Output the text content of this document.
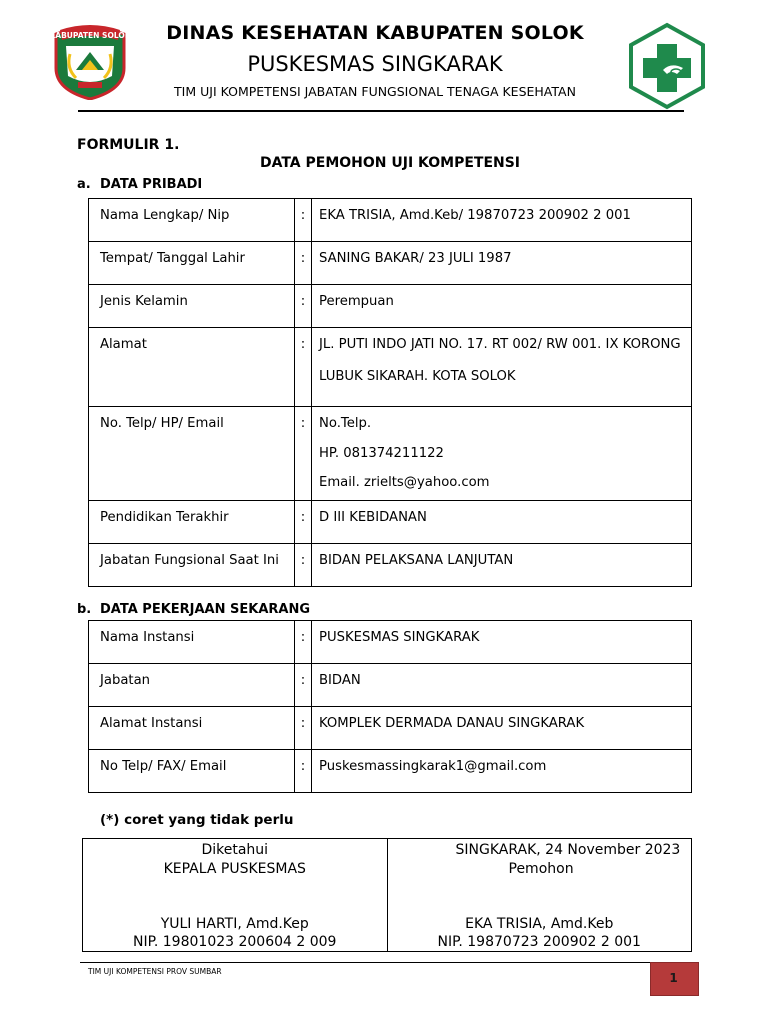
KABUPATEN SOLOK	DINAS KESEHATAN KABUPATEN SOLOK
PUSKESMAS SINGKARAK
TIM UJI KOMPETENSI JABATAN FUNGSIONAL TENAGA KESEHATAN
FORMULIR 1.
DATA PEMOHON UJI KOMPETENSI
a. DATA PRIBADI
Nama Lengkap/ Nip	:	EKA TRISIA, Amd.Keb/ 19870723 200902 2 001

Tempat/ Tanggal Lahir	:	SANING BAKAR/ 23 JULI 1987

Jenis Kelamin	:	Perempuan

Alamat	:	JL. PUTI INDO JATI NO. 17. RT 002/ RW 001. IX KORONG
LUBUK SIKARAH. KOTA SOLOK

No. Telp/ HP/ Email	:	No.Telp.
HP. 081374211122
Email. zrielts@yahoo.com

Pendidikan Terakhir	:	D III KEBIDANAN

Jabatan Fungsional Saat Ini	:	BIDAN PELAKSANA LANJUTAN
b. DATA PEKERJAAN SEKARANG
Nama Instansi	:	PUSKESMAS SINGKARAK

Jabatan	:	BIDAN

Alamat Instansi	:	KOMPLEK DERMADA DANAU SINGKARAK

No Telp/ FAX/ Email	:	Puskesmassingkarak1@gmail.com
(*) coret yang tidak perlu
Diketahui
KEPALA PUSKESMAS
YULI HARTI, Amd.Kep
NIP. 19801023 200604 2 009

SINGKARAK, 24 November 2023
Pemohon
EKA TRISIA, Amd.Keb
NIP. 19870723 200902 2 001
TIM UJI KOMPETENSI PROV SUMBAR	1
